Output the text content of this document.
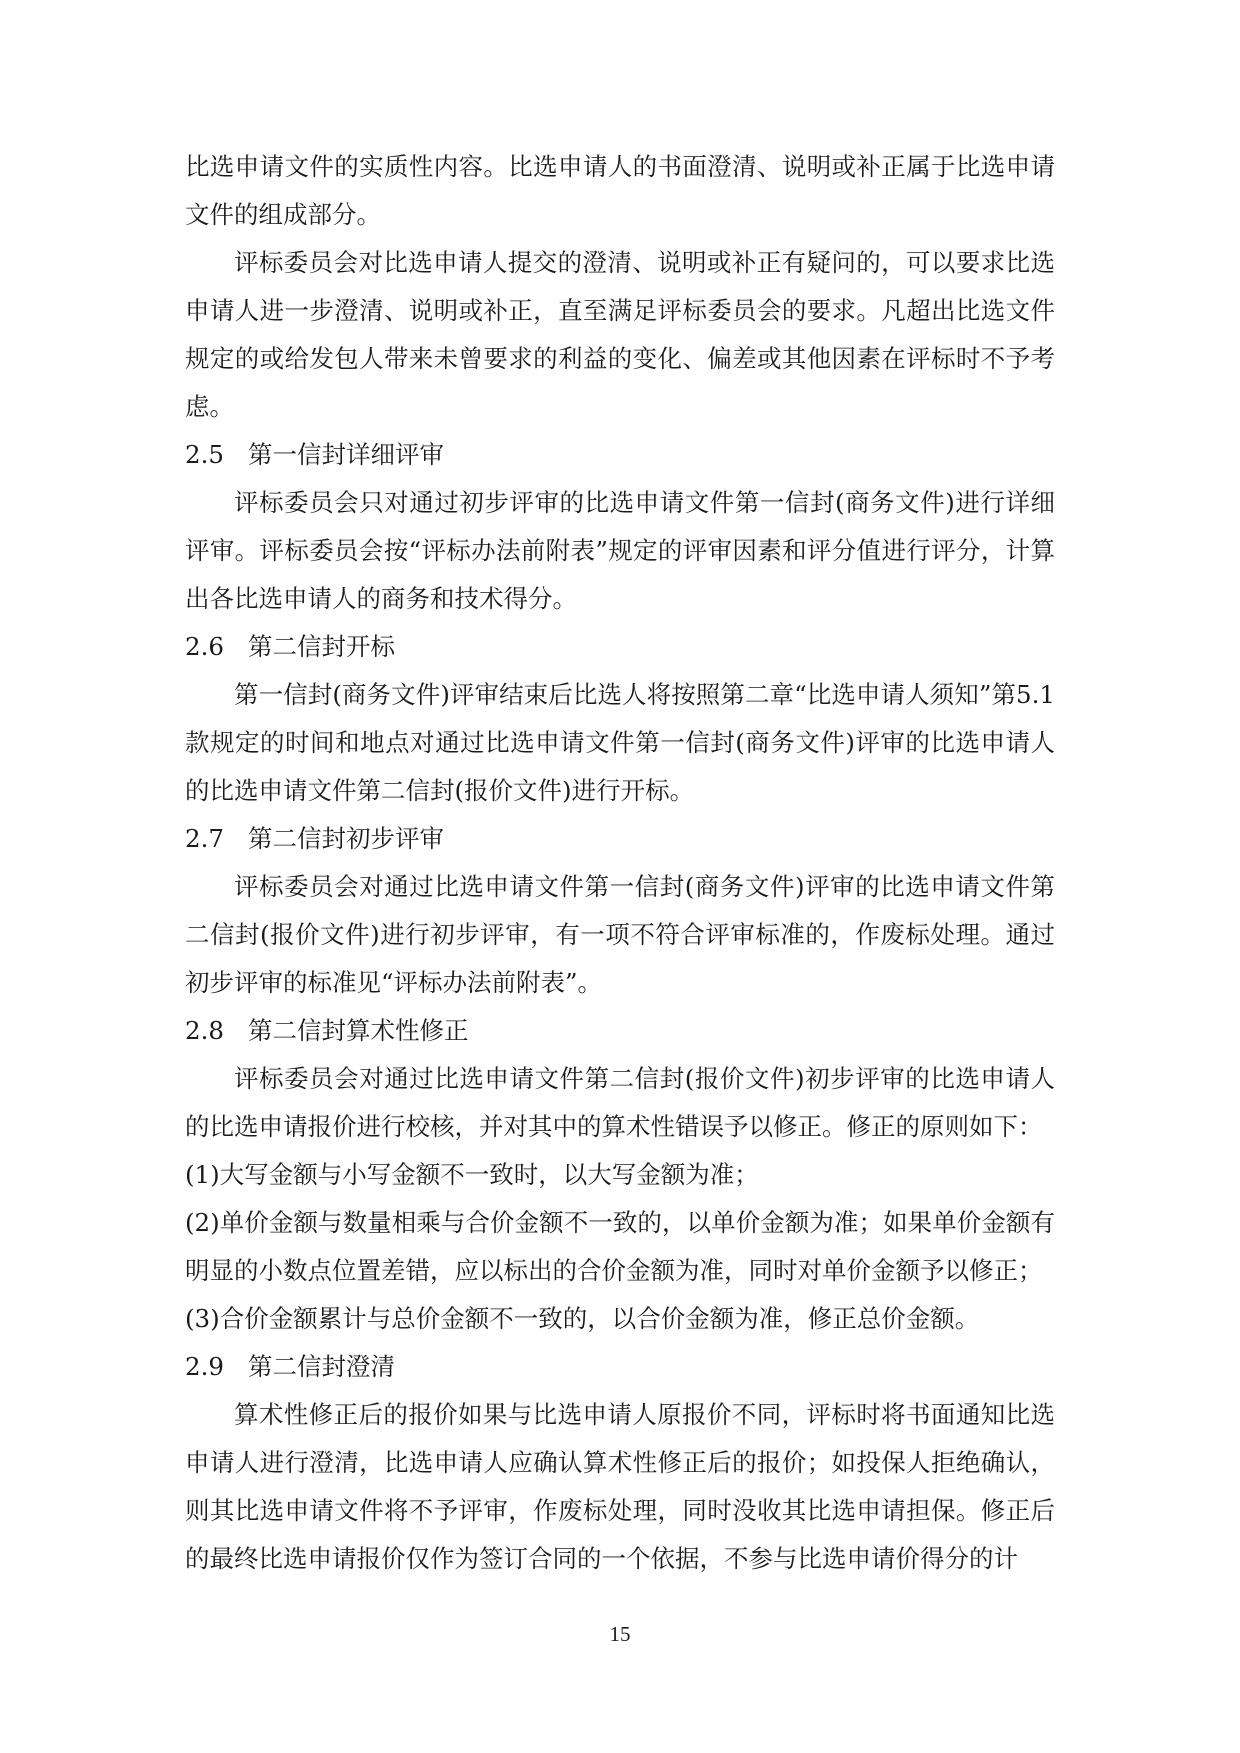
比选申请文件的实质性内容。比选申请人的书面澄清、说明或补正属于比选申请文件的组成部分。

评标委员会对比选申请人提交的澄清、说明或补正有疑问的，可以要求比选申请人进一步澄清、说明或补正，直至满足评标委员会的要求。凡超出比选文件规定的或给发包人带来未曾要求的利益的变化、偏差或其他因素在评标时不予考虑。

2.5 第一信封详细评审

评标委员会只对通过初步评审的比选申请文件第一信封(商务文件)进行详细评审。评标委员会按“评标办法前附表”规定的评审因素和评分值进行评分，计算出各比选申请人的商务和技术得分。

2.6 第二信封开标

第一信封(商务文件)评审结束后比选人将按照第二章“比选申请人须知”第5.1 款规定的时间和地点对通过比选申请文件第一信封(商务文件)评审的比选申请人的比选申请文件第二信封(报价文件)进行开标。

2.7 第二信封初步评审

评标委员会对通过比选申请文件第一信封(商务文件)评审的比选申请文件第二信封(报价文件)进行初步评审，有一项不符合评审标准的，作废标处理。通过初步评审的标准见“评标办法前附表”。

2.8 第二信封算术性修正

评标委员会对通过比选申请文件第二信封(报价文件)初步评审的比选申请人的比选申请报价进行校核，并对其中的算术性错误予以修正。修正的原则如下：

(1)大写金额与小写金额不一致时，以大写金额为准；

(2)单价金额与数量相乘与合价金额不一致的，以单价金额为准；如果单价金额有明显的小数点位置差错，应以标出的合价金额为准，同时对单价金额予以修正；

(3)合价金额累计与总价金额不一致的，以合价金额为准，修正总价金额。

2.9 第二信封澄清

算术性修正后的报价如果与比选申请人原报价不同，评标时将书面通知比选申请人进行澄清，比选申请人应确认算术性修正后的报价；如投保人拒绝确认，则其比选申请文件将不予评审，作废标处理，同时没收其比选申请担保。修正后的最终比选申请报价仅作为签订合同的一个依据，不参与比选申请价得分的计

15
